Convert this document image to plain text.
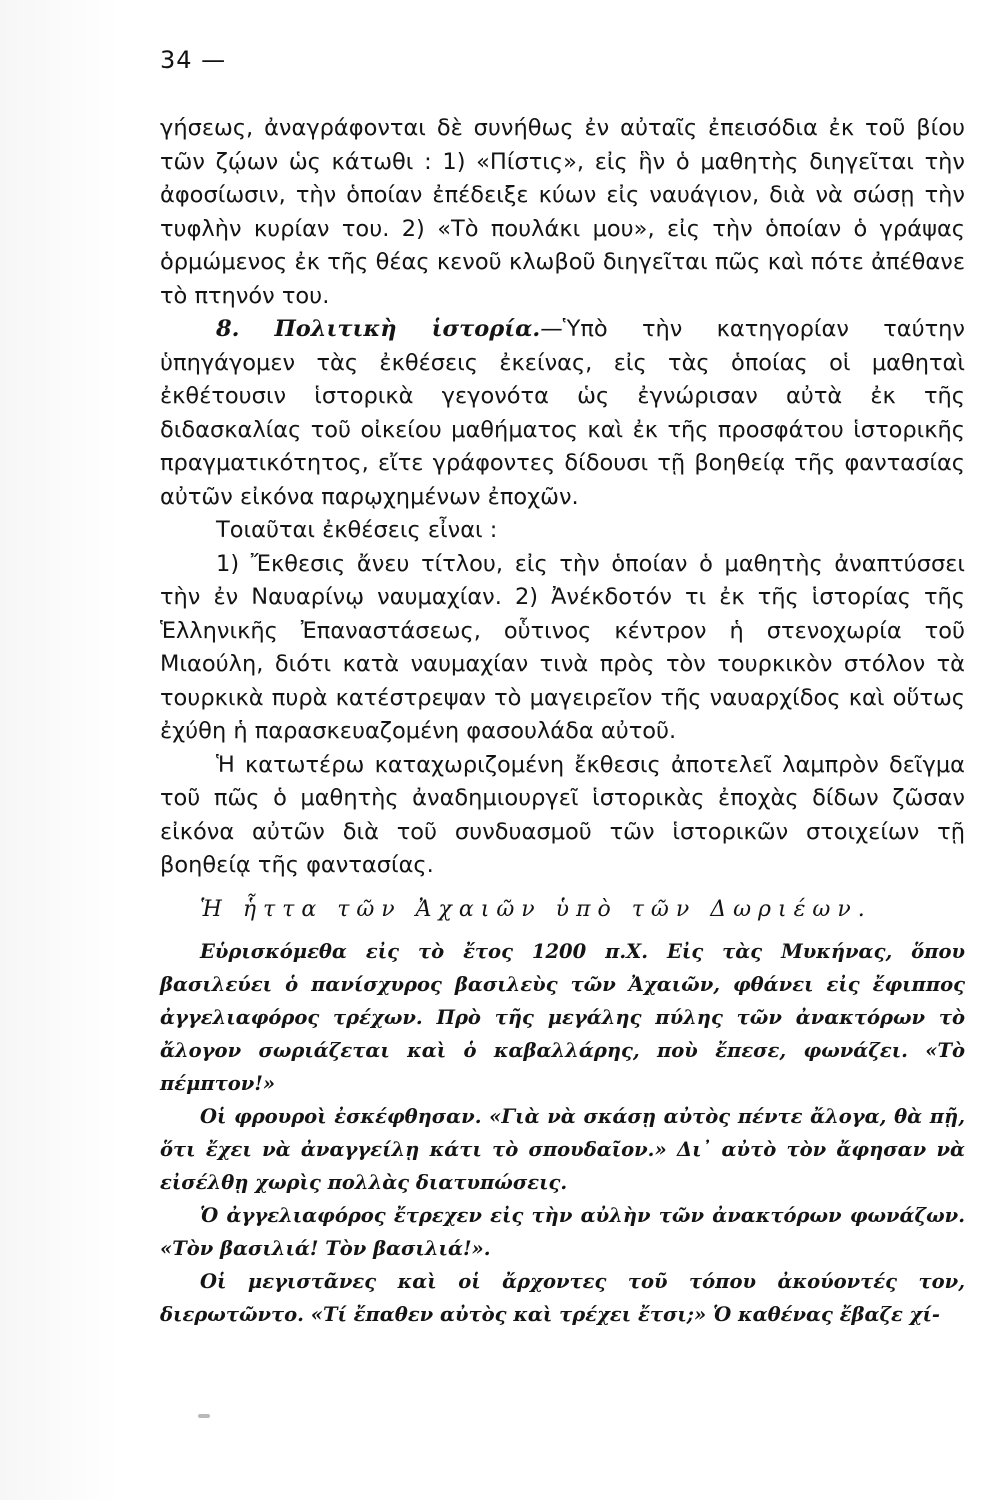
34 —

γήσεως, ἀναγράφονται δὲ συνήθως ἐν αὐταῖς ἐπεισόδια ἐκ τοῦ βίου τῶν ζῴων ὡς κάτωθι : 1) «Πίστις», εἰς ἣν ὁ μαθητὴς διηγεῖται τὴν ἀφοσίωσιν, τὴν ὁποίαν ἐπέδειξε κύων εἰς ναυάγιον, διὰ νὰ σώσῃ τὴν τυφλὴν κυρίαν του. 2) «Τὸ πουλάκι μου», εἰς τὴν ὁποίαν ὁ γράψας ὁρμώμενος ἐκ τῆς θέας κενοῦ κλωβοῦ διηγεῖται πῶς καὶ πότε ἀπέθανε τὸ πτηνόν του.

8. Πολιτικὴ ἱστορία.—Ὑπὸ τὴν κατηγορίαν ταύτην ὑπηγάγομεν τὰς ἐκθέσεις ἐκείνας, εἰς τὰς ὁποίας οἱ μαθηταὶ ἐκθέτουσιν ἱστορικὰ γεγονότα ὡς ἐγνώρισαν αὐτὰ ἐκ τῆς διδασκαλίας τοῦ οἰκείου μαθήματος καὶ ἐκ τῆς προσφάτου ἱστορικῆς πραγματικότητος, εἴτε γράφοντες δίδουσι τῇ βοηθείᾳ τῆς φαντασίας αὐτῶν εἰκόνα παρῳχημένων ἐποχῶν.

Τοιαῦται ἐκθέσεις εἶναι :

1) Ἔκθεσις ἄνευ τίτλου, εἰς τὴν ὁποίαν ὁ μαθητὴς ἀναπτύσσει τὴν ἐν Ναυαρίνῳ ναυμαχίαν. 2) Ἀνέκδοτόν τι ἐκ τῆς ἱστορίας τῆς Ἑλληνικῆς Ἐπαναστάσεως, οὗτινος κέντρον ἡ στενοχωρία τοῦ Μιαούλη, διότι κατὰ ναυμαχίαν τινὰ πρὸς τὸν τουρκικὸν στόλον τὰ τουρκικὰ πυρὰ κατέστρεψαν τὸ μαγειρεῖον τῆς ναυαρχίδος καὶ οὕτως ἐχύθη ἡ παρασκευαζομένη φασουλάδα αὐτοῦ.

Ἡ κατωτέρω καταχωριζομένη ἔκθεσις ἀποτελεῖ λαμπρὸν δεῖγμα τοῦ πῶς ὁ μαθητὴς ἀναδημιουργεῖ ἱστορικὰς ἐποχὰς δίδων ζῶσαν εἰκόνα αὐτῶν διὰ τοῦ συνδυασμοῦ τῶν ἱστορικῶν στοιχείων τῇ βοηθείᾳ τῆς φαντασίας.

Ἡ ἧττα τῶν Ἀχαιῶν ὑπὸ τῶν Δωριέων.

Εὑρισκόμεθα εἰς τὸ ἔτος 1200 π.Χ. Εἰς τὰς Μυκήνας, ὅπου βασιλεύει ὁ πανίσχυρος βασιλεὺς τῶν Ἀχαιῶν, φθάνει εἰς ἔφιππος ἀγγελιαφόρος τρέχων. Πρὸ τῆς μεγάλης πύλης τῶν ἀνακτόρων τὸ ἄλογον σωριάζεται καὶ ὁ καβαλλάρης, ποὺ ἔπεσε, φωνάζει. «Τὸ πέμπτον!»

Οἱ φρουροὶ ἐσκέφθησαν. «Γιὰ νὰ σκάσῃ αὐτὸς πέντε ἄλογα, θὰ πῇ, ὅτι ἔχει νὰ ἀναγγείλῃ κάτι τὸ σπουδαῖον.» Δι᾽ αὐτὸ τὸν ἄφησαν νὰ εἰσέλθῃ χωρὶς πολλὰς διατυπώσεις.

Ὁ ἀγγελιαφόρος ἔτρεχεν εἰς τὴν αὐλὴν τῶν ἀνακτόρων φωνάζων. «Τὸν βασιλιά! Τὸν βασιλιά!».

Οἱ μεγιστᾶνες καὶ οἱ ἄρχοντες τοῦ τόπου ἀκούοντές τον, διερωτῶντο. «Τί ἔπαθεν αὐτὸς καὶ τρέχει ἔτσι;» Ὁ καθένας ἔβαζε χί-
